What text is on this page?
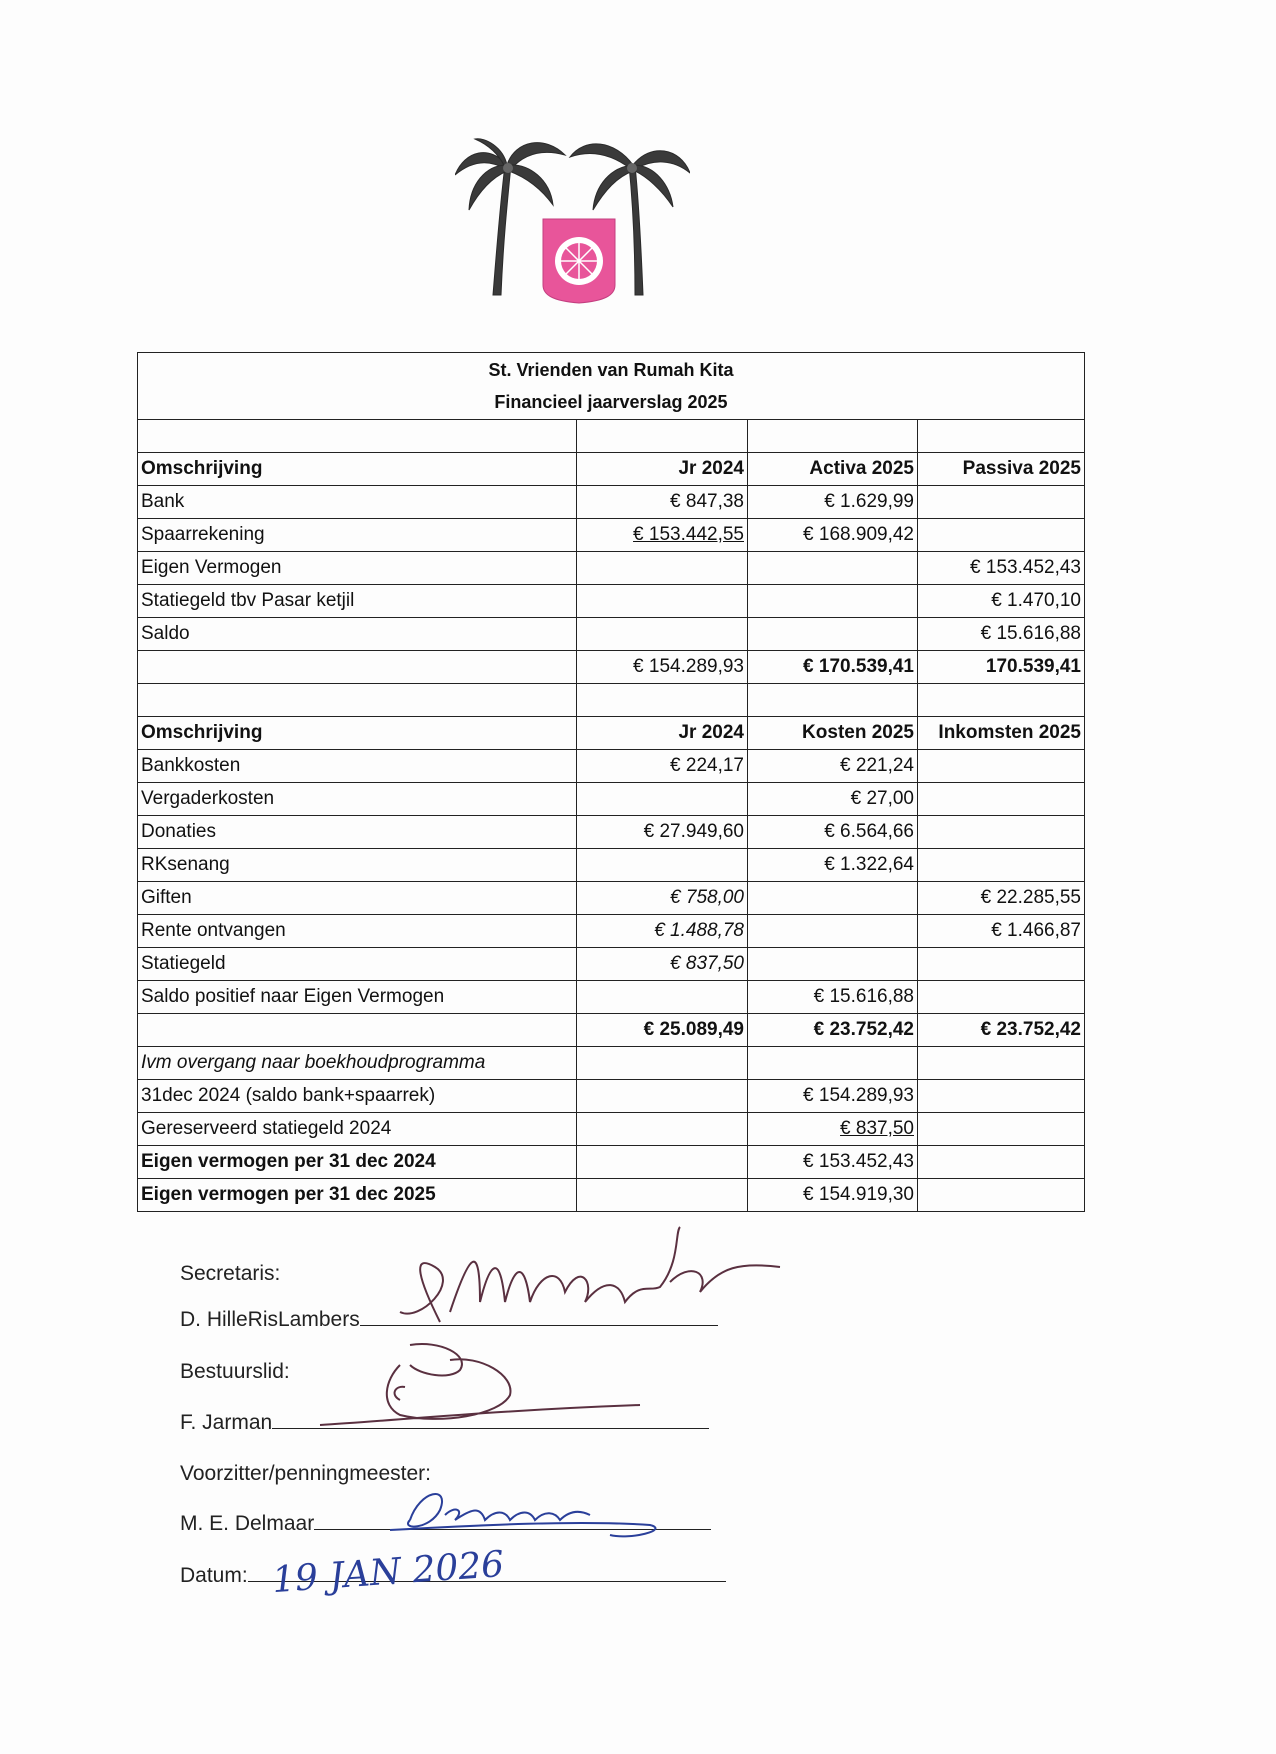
St. Vrienden van Rumah Kita
Financieel jaarverslag 2025			

Omschrijving	Jr 2024	Activa 2025	Passiva 2025
Bank	€ 847,38	€ 1.629,99	
Spaarrekening	€ 153.442,55	€ 168.909,42	
Eigen Vermogen			€ 153.452,43
Statiegeld tbv Pasar ketjil			€ 1.470,10
Saldo			€ 15.616,88
	€ 154.289,93	€ 170.539,41	170.539,41

Omschrijving	Jr 2024	Kosten 2025	Inkomsten 2025
Bankkosten	€ 224,17	€ 221,24	
Vergaderkosten		€ 27,00	
Donaties	€ 27.949,60	€ 6.564,66	
RKsenang		€ 1.322,64	
Giften	€ 758,00		€ 22.285,55
Rente ontvangen	€ 1.488,78		€ 1.466,87
Statiegeld	€ 837,50		
Saldo positief naar Eigen Vermogen		€ 15.616,88	
	€ 25.089,49	€ 23.752,42	€ 23.752,42
Ivm overgang naar boekhoudprogramma			
31dec 2024 (saldo bank+spaarrek)		€ 154.289,93	
Gereserveerd statiegeld 2024		€ 837,50	
Eigen vermogen per 31 dec 2024		€ 153.452,43	
Eigen vermogen per 31 dec 2025		€ 154.919,30	
Secretaris:
D. HilleRisLambers
Bestuurslid:
F. Jarman
Voorzitter/penningmeester:
M. E. Delmaar
Datum: 19 JAN 2026
